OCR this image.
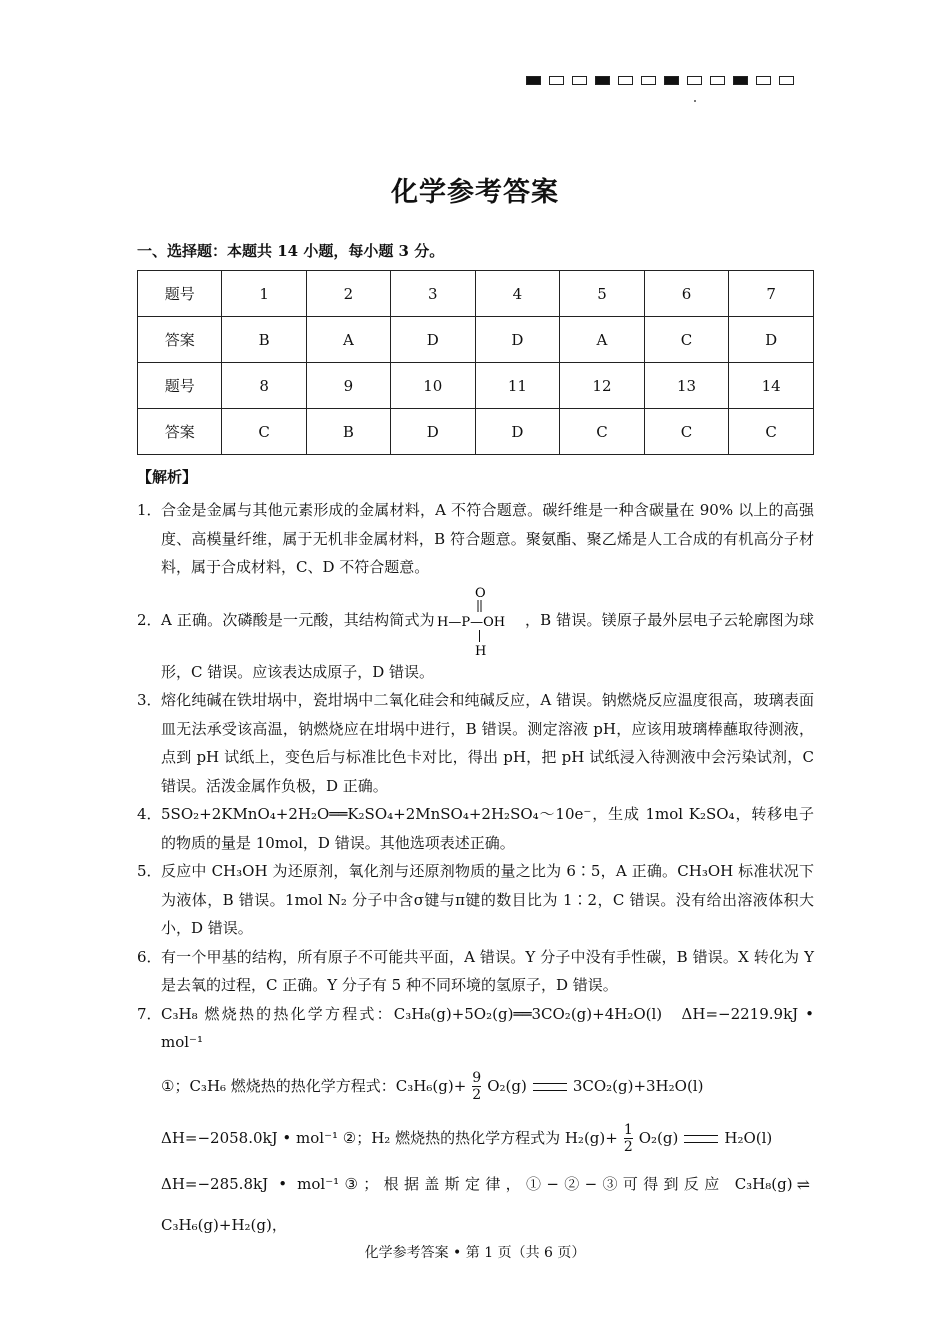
化学参考答案
一、选择题：本题共 14 小题，每小题 3 分。
题号	1	2	3	4	5	6	7
答案	B	A	D	D	A	C	D
题号	8	9	10	11	12	13	14
答案	C	B	D	D	C	C	C
【解析】
1． 合金是金属与其他元素形成的金属材料，A 不符合题意。碳纤维是一种含碳量在 90% 以上的高强度、高模量纤维，属于无机非金属材料，B 符合题意。聚氨酯、聚乙烯是人工合成的有机高分子材料，属于合成材料，C、D 不符合题意。
2． A 正确。次磷酸是一元酸，其结构简式为
O
H—P—OH
H
，B 错误。镁原子最外层电子云轮廓图为球形，C 错误。应该表达成原子，D 错误。
3． 熔化纯碱在铁坩埚中，瓷坩埚中二氧化硅会和纯碱反应，A 错误。钠燃烧反应温度很高，玻璃表面皿无法承受该高温，钠燃烧应在坩埚中进行，B 错误。测定溶液 pH，应该用玻璃棒蘸取待测液，点到 pH 试纸上，变色后与标准比色卡对比，得出 pH，把 pH 试纸浸入待测液中会污染试剂，C 错误。活泼金属作负极，D 正确。
4． 5SO₂+2KMnO₄+2H₂O══K₂SO₄+2MnSO₄+2H₂SO₄～10e⁻，生成 1mol K₂SO₄，转移电子的物质的量是 10mol，D 错误。其他选项表述正确。
5． 反应中 CH₃OH 为还原剂，氧化剂与还原剂物质的量之比为 6∶5，A 正确。CH₃OH 标准状况下为液体，B 错误。1mol N₂ 分子中含σ键与π键的数目比为 1∶2，C 错误。没有给出溶液体积大小，D 错误。
6． 有一个甲基的结构，所有原子不可能共平面，A 错误。Y 分子中没有手性碳，B 错误。X 转化为 Y 是去氧的过程，C 正确。Y 分子有 5 种不同环境的氢原子，D 错误。
7． C₃H₈ 燃烧热的热化学方程式：C₃H₈(g)+5O₂(g)══3CO₂(g)+4H₂O(l)　ΔH=−2219.9kJ • mol⁻¹
①；C₃H₆ 燃烧热的热化学方程式：$C_3H_6(g)+ \frac{9}{2} O_2(g)$	3CO₂(g)+3H₂O(l)
ΔH=−2058.0kJ • mol⁻¹ ②；H₂ 燃烧热的热化学方程式为 $H_2(g)+ \frac{1}{2} O_2(g)$	H₂O(l)
ΔH=−285.8kJ • mol⁻¹③；根据盖斯定律，①−②−③可得到反应 C₃H₈(g) ⇌C₃H₆(g)+H₂(g)，
化学参考答案 • 第 1 页（共 6 页）
